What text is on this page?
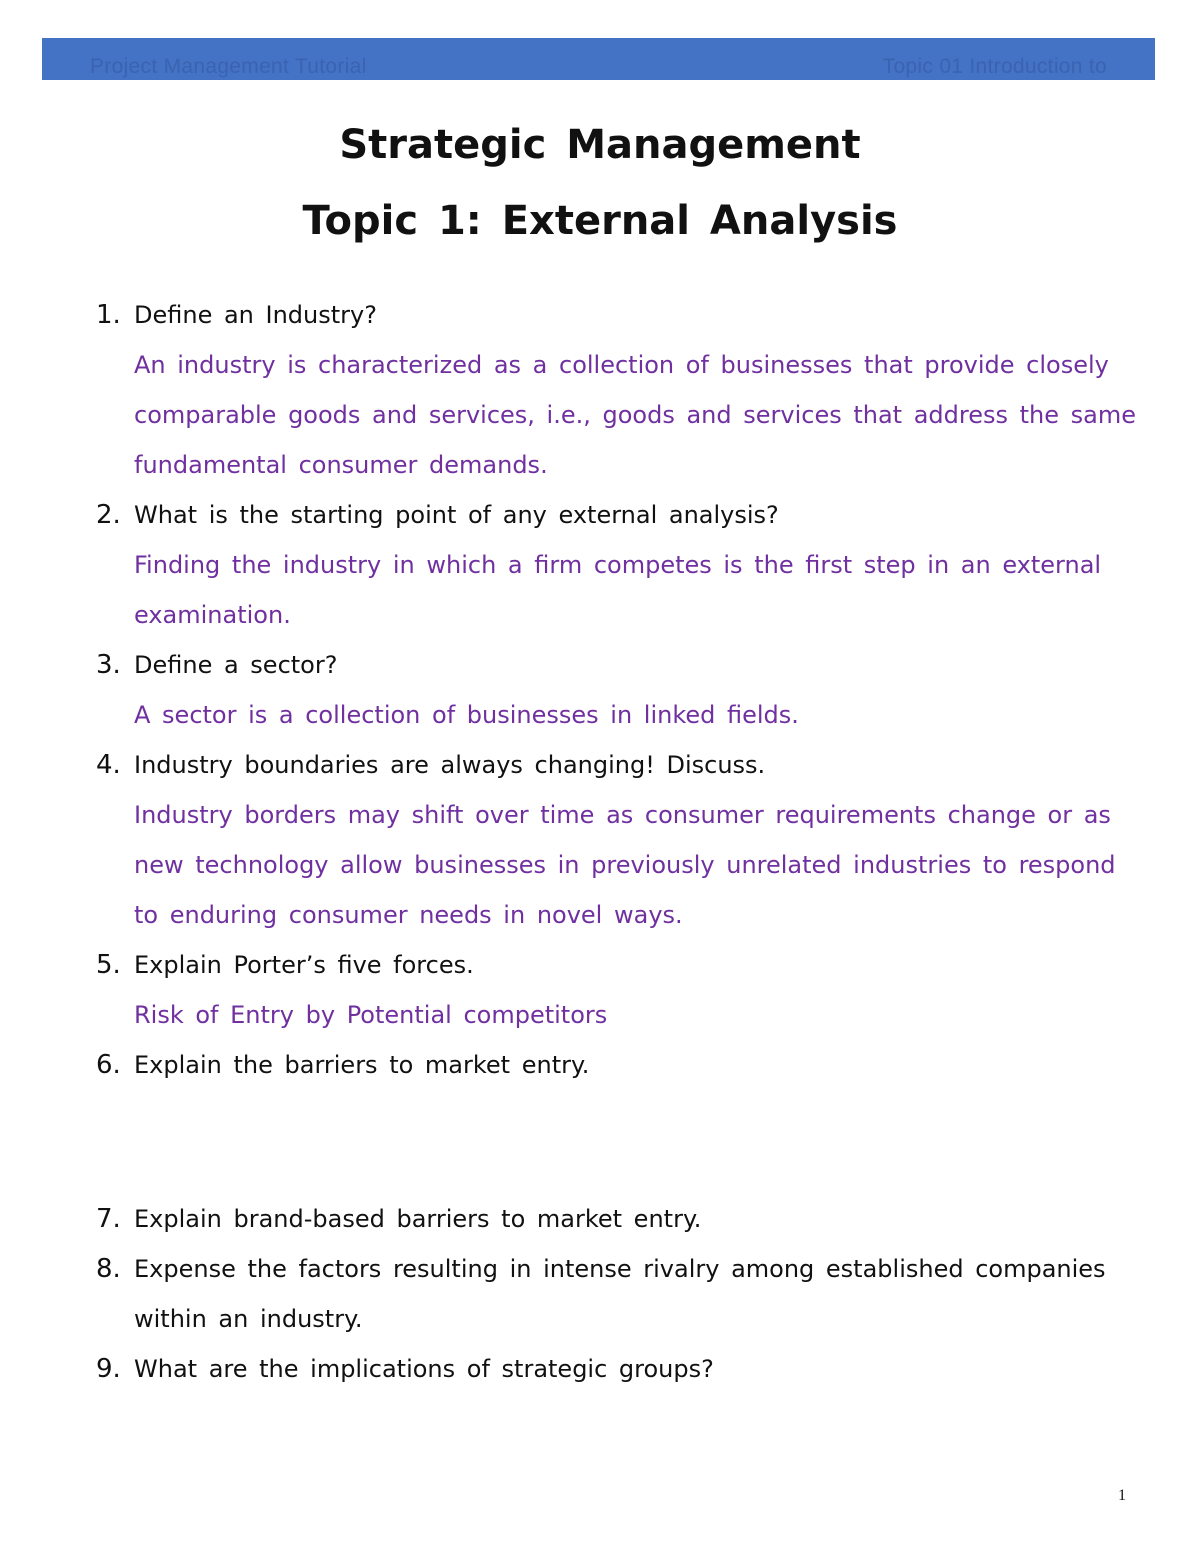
Project Management Tutorial	Topic 01 Introduction to
Strategic Management
Topic 1: External Analysis
1. Define an Industry?
An industry is characterized as a collection of businesses that provide closely comparable goods and services, i.e., goods and services that address the same fundamental consumer demands.
2. What is the starting point of any external analysis?
Finding the industry in which a firm competes is the first step in an external examination.
3. Define a sector?
A sector is a collection of businesses in linked fields.
4. Industry boundaries are always changing! Discuss.
Industry borders may shift over time as consumer requirements change or as new technology allow businesses in previously unrelated industries to respond to enduring consumer needs in novel ways.
5. Explain Porter’s five forces.
Risk of Entry by Potential competitors
6. Explain the barriers to market entry.
7. Explain brand-based barriers to market entry.
8. Expense the factors resulting in intense rivalry among established companies within an industry.
9. What are the implications of strategic groups?
1
